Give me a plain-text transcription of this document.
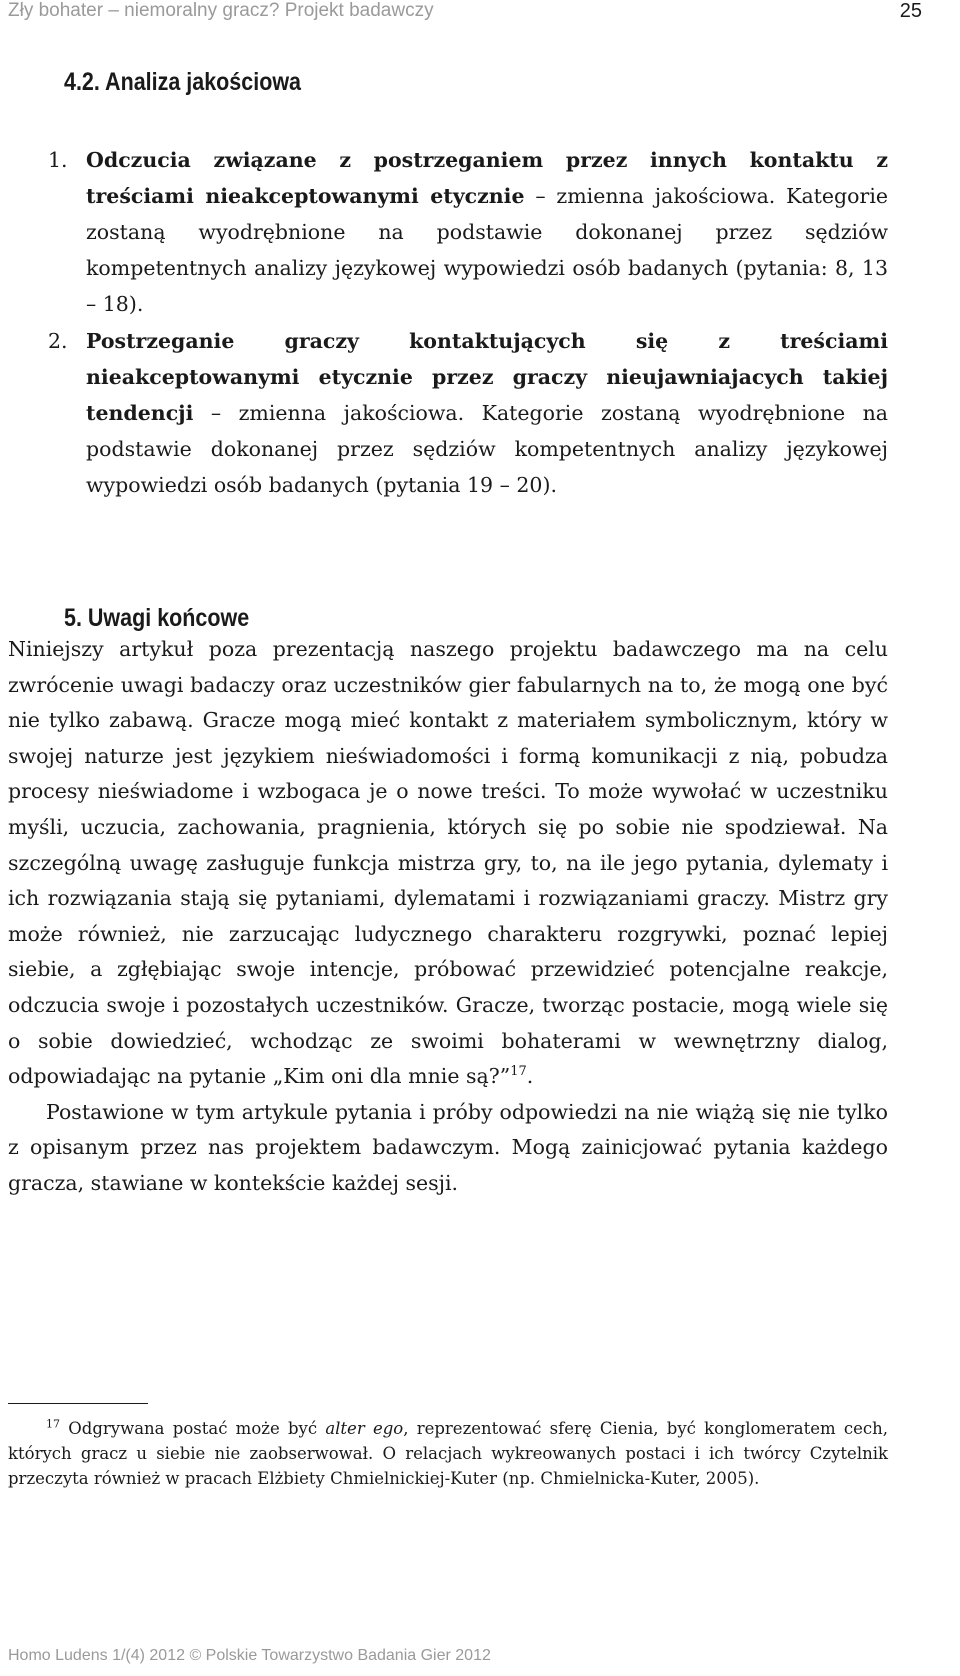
Zły bohater – niemoralny gracz? Projekt badawczy	25
4.2. Analiza jakościowa
1. Odczucia związane z postrzeganiem przez innych kontaktu z treściami nieakceptowanymi etycznie – zmienna jakościowa. Kategorie zostaną wyodrębnione na podstawie dokonanej przez sędziów kompetentnych analizy językowej wypowiedzi osób badanych (pytania: 8, 13 – 18).
2. Postrzeganie graczy kontaktujących się z treściami nieakceptowanymi etycznie przez graczy nieujawniajacych takiej tendencji – zmienna jakościowa. Kategorie zostaną wyodrębnione na podstawie dokonanej przez sędziów kompetentnych analizy językowej wypowiedzi osób badanych (pytania 19 – 20).
5. Uwagi końcowe

Niniejszy artykuł poza prezentacją naszego projektu badawczego ma na celu zwrócenie uwagi badaczy oraz uczestników gier fabularnych na to, że mogą one być nie tylko zabawą. Gracze mogą mieć kontakt z materiałem symbolicznym, który w swojej naturze jest językiem nieświadomości i formą komunikacji z nią, pobudza procesy nieświadome i wzbogaca je o nowe treści. To może wywołać w uczestniku myśli, uczucia, zachowania, pragnienia, których się po sobie nie spodziewał. Na szczególną uwagę zasługuje funkcja mistrza gry, to, na ile jego pytania, dylematy i ich rozwiązania stają się pytaniami, dylematami i rozwiązaniami graczy. Mistrz gry może również, nie zarzucając ludycznego charakteru rozgrywki, poznać lepiej siebie, a zgłębiając swoje intencje, próbować przewidzieć potencjalne reakcje, odczucia swoje i pozostałych uczestników. Gracze, tworząc postacie, mogą wiele się o sobie dowiedzieć, wchodząc ze swoimi bohaterami w wewnętrzny dialog, odpowiadając na pytanie „Kim oni dla mnie są?”$^{17}$.

Postawione w tym artykule pytania i próby odpowiedzi na nie wiążą się nie tylko z opisanym przez nas projektem badawczym. Mogą zainicjować pytania każdego gracza, stawiane w kontekście każdej sesji.

$^{17}$ Odgrywana postać może być alter ego, reprezentować sferę Cienia, być konglomeratem cech, których gracz u siebie nie zaobserwował. O relacjach wykreowanych postaci i ich twórcy Czytelnik przeczyta również w pracach Elżbiety Chmielnickiej-Kuter (np. Chmielnicka-Kuter, 2005).
Homo Ludens 1/(4) 2012 © Polskie Towarzystwo Badania Gier 2012
